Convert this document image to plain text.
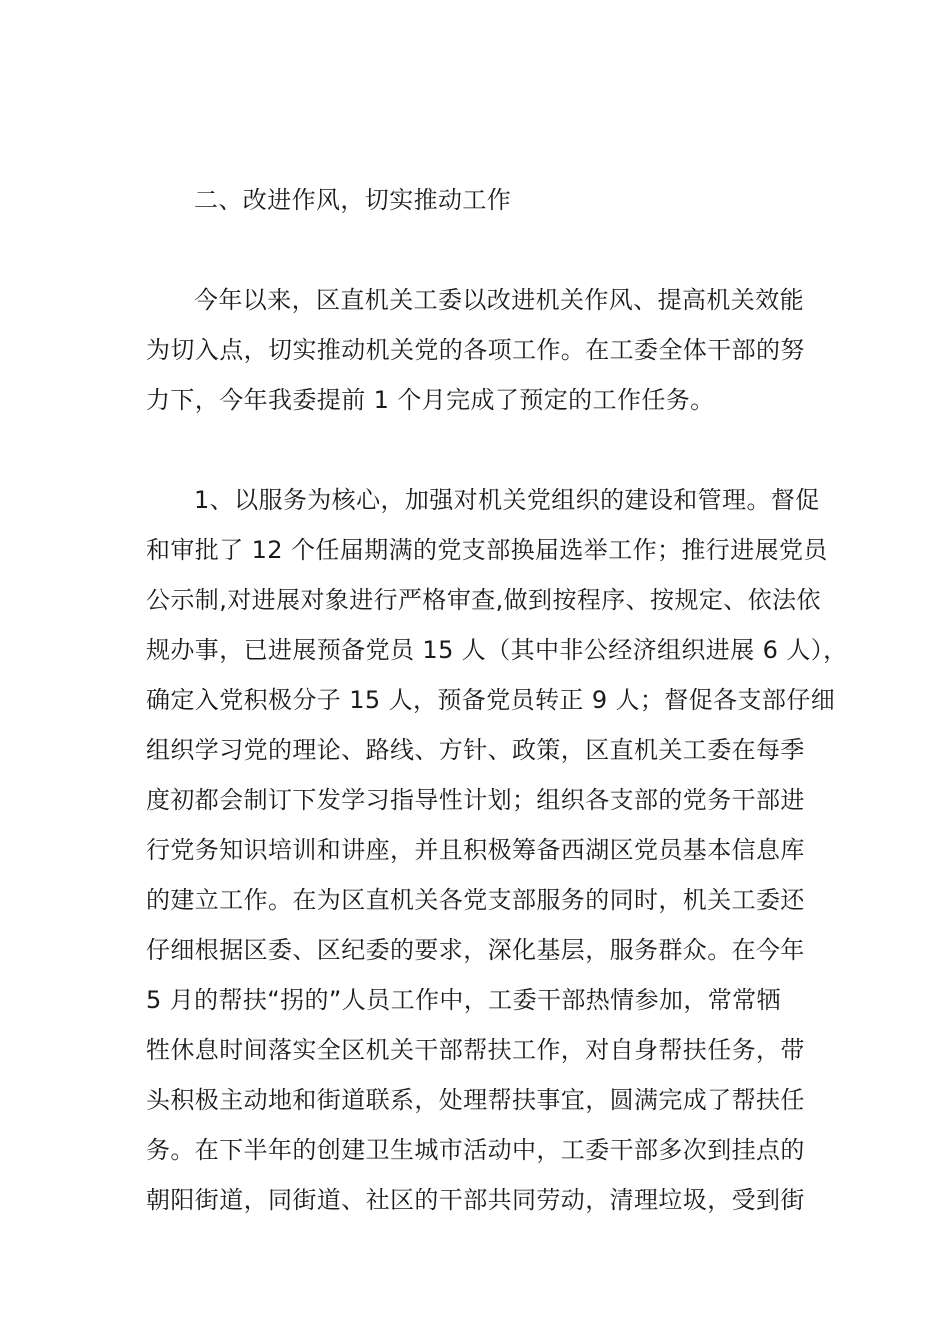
二、改进作风，切实推动工作
今年以来，区直机关工委以改进机关作风、提高机关效能
为切入点，切实推动机关党的各项工作。在工委全体干部的努
力下，今年我委提前 1 个月完成了预定的工作任务。
1、以服务为核心，加强对机关党组织的建设和管理。督促
和审批了 12 个任届期满的党支部换届选举工作；推行进展党员
公示制,对进展对象进行严格审查,做到按程序、按规定、依法依
规办事，已进展预备党员 15 人（其中非公经济组织进展 6 人），
确定入党积极分子 15 人，预备党员转正 9 人；督促各支部仔细
组织学习党的理论、路线、方针、政策，区直机关工委在每季
度初都会制订下发学习指导性计划；组织各支部的党务干部进
行党务知识培训和讲座，并且积极筹备西湖区党员基本信息库
的建立工作。在为区直机关各党支部服务的同时，机关工委还
仔细根据区委、区纪委的要求，深化基层，服务群众。在今年
5 月的帮扶“拐的”人员工作中，工委干部热情参加，常常牺
牲休息时间落实全区机关干部帮扶工作，对自身帮扶任务，带
头积极主动地和街道联系，处理帮扶事宜，圆满完成了帮扶任
务。在下半年的创建卫生城市活动中，工委干部多次到挂点的
朝阳街道，同街道、社区的干部共同劳动，清理垃圾，受到街
